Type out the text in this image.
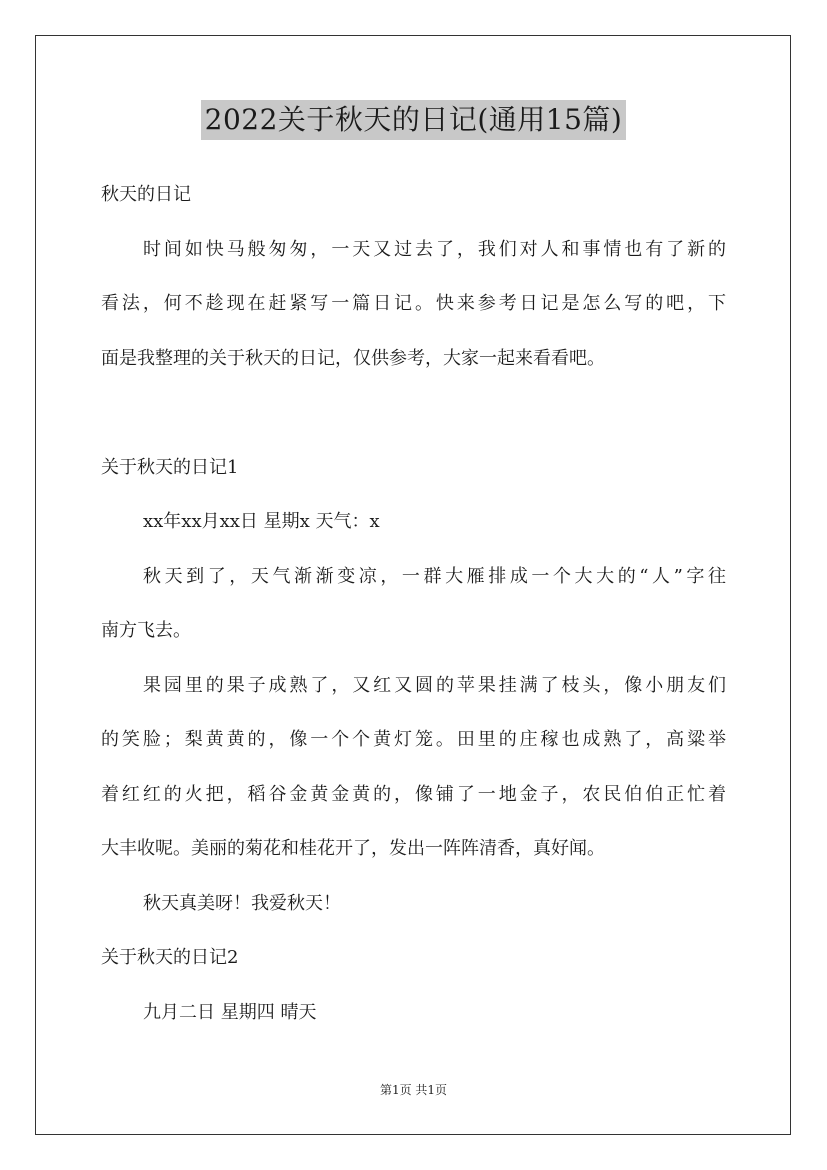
2022关于秋天的日记(通用15篇)
秋天的日记
时间如快马般匆匆，一天又过去了，我们对人和事情也有了新的
看法，何不趁现在赶紧写一篇日记。快来参考日记是怎么写的吧，下
面是我整理的关于秋天的日记，仅供参考，大家一起来看看吧。
关于秋天的日记1
xx年xx月xx日 星期x 天气：x
秋天到了，天气渐渐变凉，一群大雁排成一个大大的“人”字往
南方飞去。
果园里的果子成熟了，又红又圆的苹果挂满了枝头，像小朋友们
的笑脸；梨黄黄的，像一个个黄灯笼。田里的庄稼也成熟了，高粱举
着红红的火把，稻谷金黄金黄的，像铺了一地金子，农民伯伯正忙着
大丰收呢。美丽的菊花和桂花开了，发出一阵阵清香，真好闻。
秋天真美呀！我爱秋天！
关于秋天的日记2
九月二日 星期四 晴天
第1页 共1页
